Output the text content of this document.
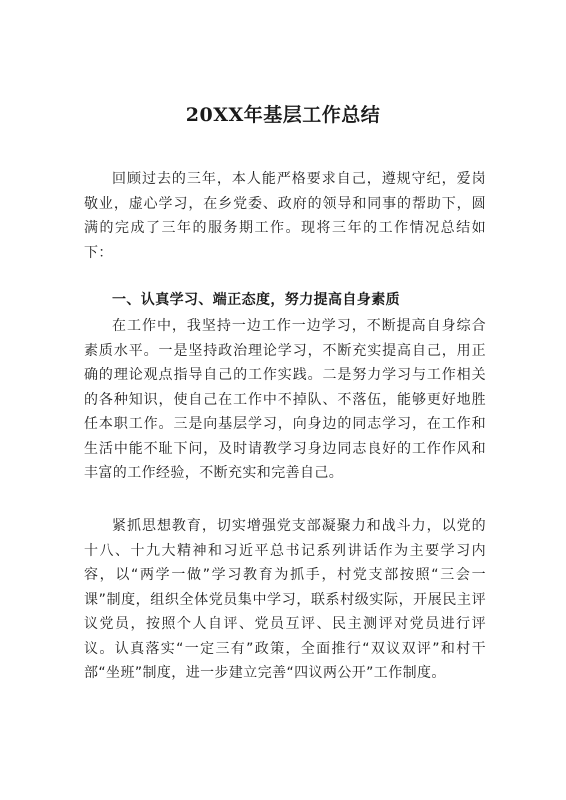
20XX年基层工作总结

回顾过去的三年，本人能严格要求自己，遵规守纪，爱岗敬业，虚心学习，在乡党委、政府的领导和同事的帮助下，圆满的完成了三年的服务期工作。现将三年的工作情况总结如下：

一、认真学习、端正态度，努力提高自身素质

在工作中，我坚持一边工作一边学习，不断提高自身综合素质水平。一是坚持政治理论学习，不断充实提高自己，用正确的理论观点指导自己的工作实践。二是努力学习与工作相关的各种知识，使自己在工作中不掉队、不落伍，能够更好地胜任本职工作。三是向基层学习，向身边的同志学习，在工作和生活中能不耻下问，及时请教学习身边同志良好的工作作风和丰富的工作经验，不断充实和完善自己。

紧抓思想教育，切实增强党支部凝聚力和战斗力，以党的十八、十九大精神和习近平总书记系列讲话作为主要学习内容，以“两学一做”学习教育为抓手，村党支部按照“三会一课”制度，组织全体党员集中学习，联系村级实际，开展民主评议党员，按照个人自评、党员互评、民主测评对党员进行评议。认真落实“一定三有”政策，全面推行“双议双评”和村干部“坐班”制度，进一步建立完善“四议两公开”工作制度。
